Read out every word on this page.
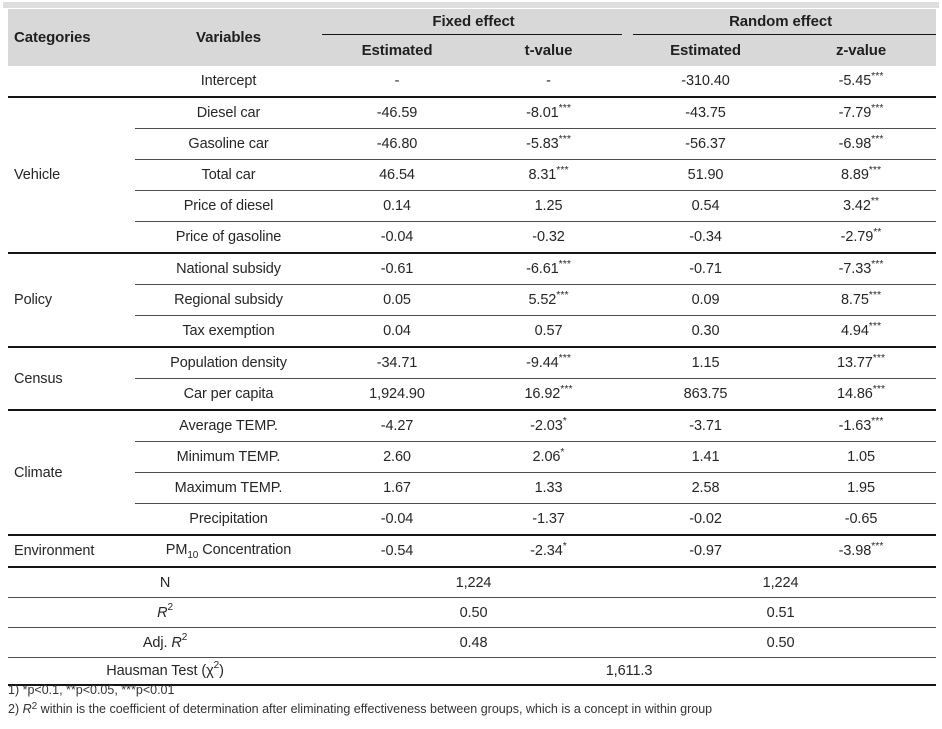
Categories	Variables	Fixed effect		Random effect	

		Estimated	t-value	Estimated	z-value
	Intercept	-	-	-310.40	-5.45***
Vehicle	Diesel car	-46.59	-8.01***	-43.75	-7.79***
	Gasoline car	-46.80	-5.83***	-56.37	-6.98***
	Total car	46.54	8.31***	51.90	8.89***
	Price of diesel	0.14	1.25	0.54	3.42**
	Price of gasoline	-0.04	-0.32	-0.34	-2.79**
Policy	National subsidy	-0.61	-6.61***	-0.71	-7.33***
	Regional subsidy	0.05	5.52***	0.09	8.75***
	Tax exemption	0.04	0.57	0.30	4.94***
Census	Population density	-34.71	-9.44***	1.15	13.77***
	Car per capita	1,924.90	16.92***	863.75	14.86***
Climate	Average TEMP.	-4.27	-2.03*	-3.71	-1.63***
	Minimum TEMP.	2.60	2.06*	1.41	1.05
	Maximum TEMP.	1.67	1.33	2.58	1.95
	Precipitation	-0.04	-1.37	-0.02	-0.65
Environment	$PM_{10}$ Concentration	-0.54	-2.34*	-0.97	-3.98***
N		1,224		1,224	
$R^2$		0.50		0.51	
Adj. $R^2$		0.48		0.50	
Hausman Test $(\chi^2)$		1,611.3			
1) *p<0.1, **p<0.05, ***p<0.01
2) $R^2$ within is the coefficient of determination after eliminating effectiveness between groups, which is a concept in within group
